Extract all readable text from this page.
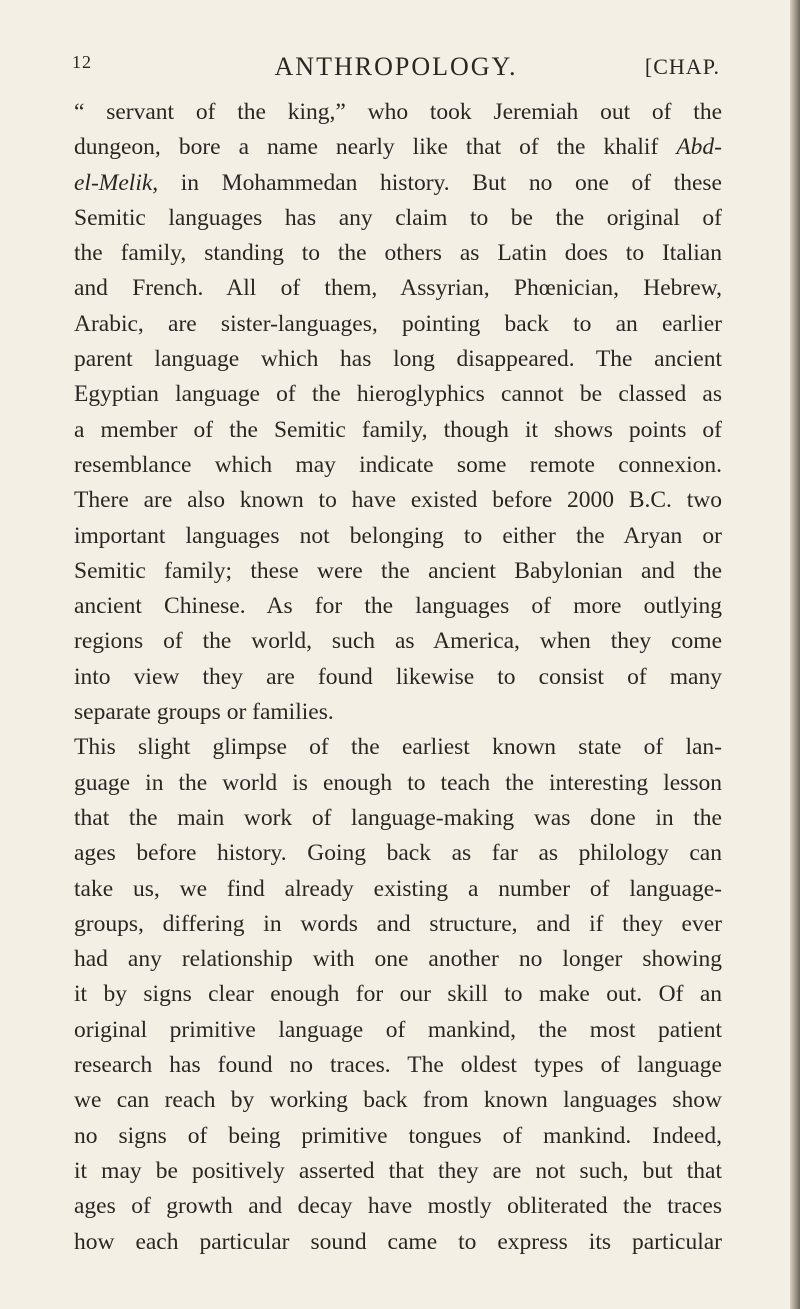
12	ANTHROPOLOGY.	[CHAP.
“ servant of the king,” who took Jeremiah out of the
dungeon, bore a name nearly like that of the khalif Abd-
el-Melik, in Mohammedan history. But no one of these
Semitic languages has any claim to be the original of
the family, standing to the others as Latin does to Italian
and French. All of them, Assyrian, Phœnician, Hebrew,
Arabic, are sister-languages, pointing back to an earlier
parent language which has long disappeared. The ancient
Egyptian language of the hieroglyphics cannot be classed as
a member of the Semitic family, though it shows points of
resemblance which may indicate some remote connexion.
There are also known to have existed before 2000 B.C. two
important languages not belonging to either the Aryan or
Semitic family; these were the ancient Babylonian and the
ancient Chinese. As for the languages of more outlying
regions of the world, such as America, when they come
into view they are found likewise to consist of many
separate groups or families.
This slight glimpse of the earliest known state of lan-
guage in the world is enough to teach the interesting lesson
that the main work of language-making was done in the
ages before history. Going back as far as philology can
take us, we find already existing a number of language-
groups, differing in words and structure, and if they ever
had any relationship with one another no longer showing
it by signs clear enough for our skill to make out. Of an
original primitive language of mankind, the most patient
research has found no traces. The oldest types of language
we can reach by working back from known languages show
no signs of being primitive tongues of mankind. Indeed,
it may be positively asserted that they are not such, but that
ages of growth and decay have mostly obliterated the traces
how each particular sound came to express its particular
